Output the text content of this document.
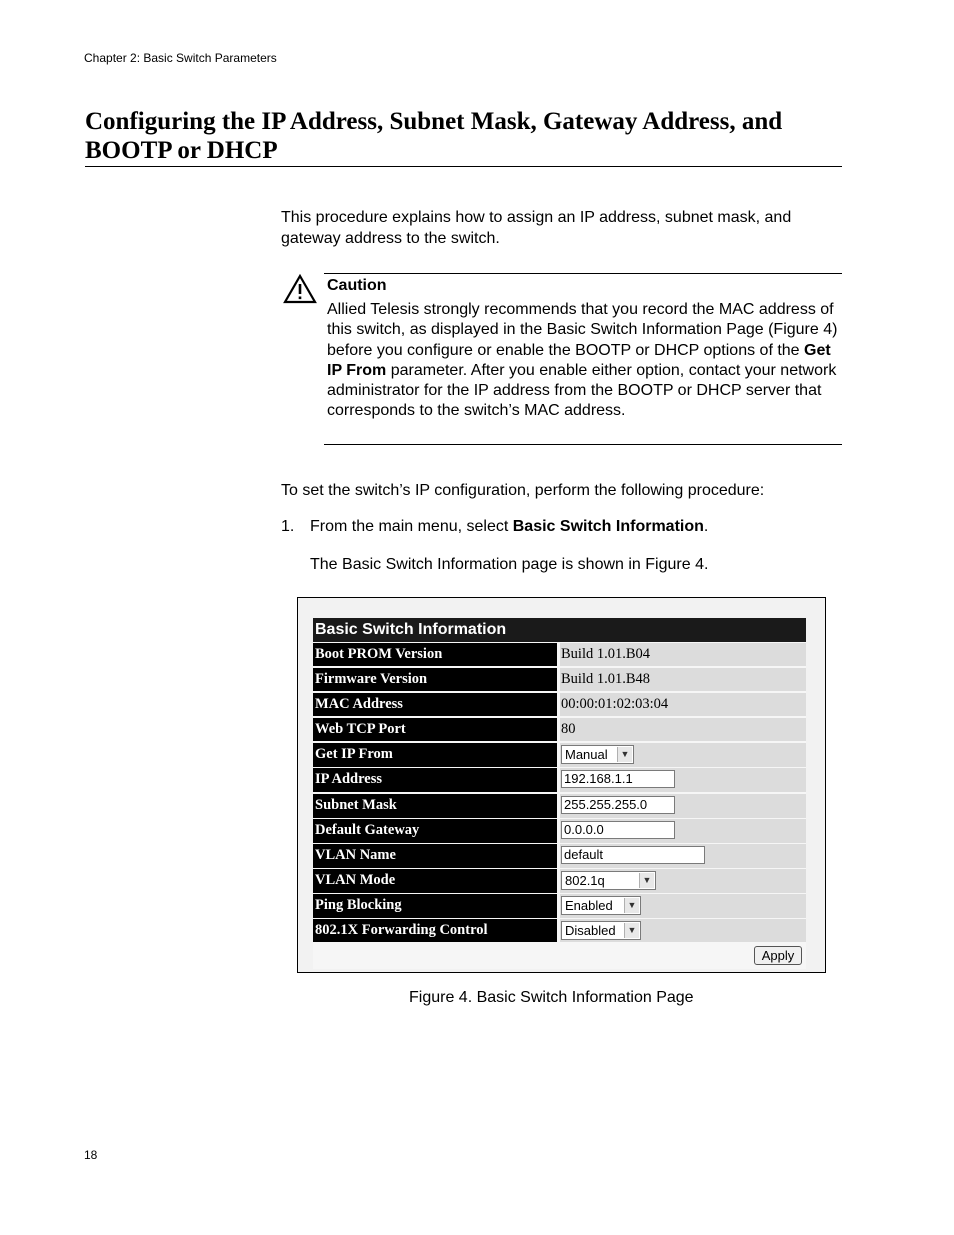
Chapter 2: Basic Switch Parameters
Configuring the IP Address, Subnet Mask, Gateway Address, and BOOTP or DHCP

This procedure explains how to assign an IP address, subnet mask, and gateway address to the switch.

Caution
Allied Telesis strongly recommends that you record the MAC address of this switch, as displayed in the Basic Switch Information Page (Figure 4) before you configure or enable the BOOTP or DHCP options of the Get IP From parameter. After you enable either option, contact your network administrator for the IP address from the BOOTP or DHCP server that corresponds to the switch’s MAC address.

To set the switch’s IP configuration, perform the following procedure:

1. From the main menu, select Basic Switch Information.
The Basic Switch Information page is shown in Figure 4.
Basic Switch Information
Boot PROM Version	Build 1.01.B04
Firmware Version	Build 1.01.B48
MAC Address	00:00:01:02:03:04
Web TCP Port	80
Get IP From	Manual	▼
IP Address	192.168.1.1
Subnet Mask	255.255.255.0
Default Gateway	0.0.0.0
VLAN Name	default
VLAN Mode	802.1q	▼
Ping Blocking	Enabled	▼
802.1X Forwarding Control	Disabled	▼
Apply
Figure 4. Basic Switch Information Page
18
